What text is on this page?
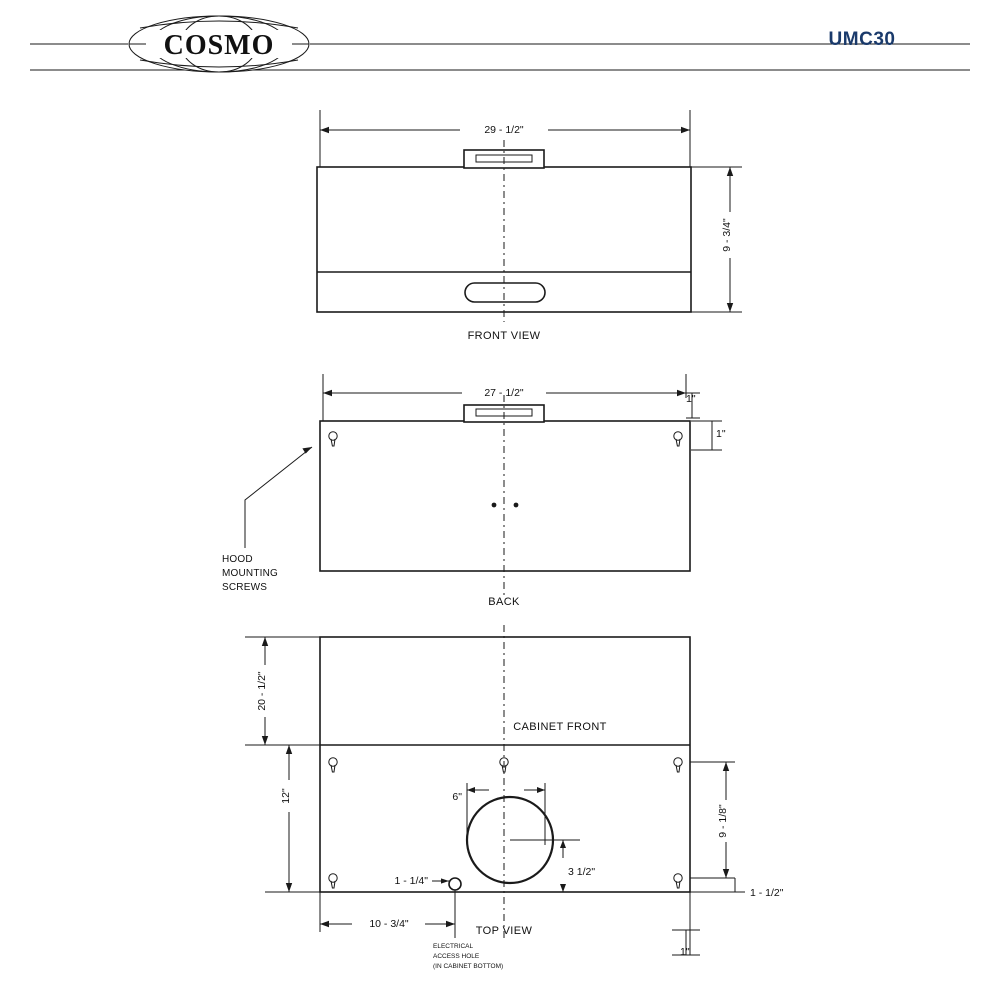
COSMO	UMC30
29 - 1/2"
9 - 3/4"
FRONT VIEW
27 - 1/2"	1"
1"
HOOD
MOUNTING
SCREWS
BACK
CABINET FRONT
20 - 1/2"
12"	6"
3 1/2"
1 - 1/4"
ELECTRICAL
ACCESS HOLE
(IN CABINET BOTTOM)
10 - 3/4"
9 - 1/8"
1 - 1/2"
1"
TOP VIEW
